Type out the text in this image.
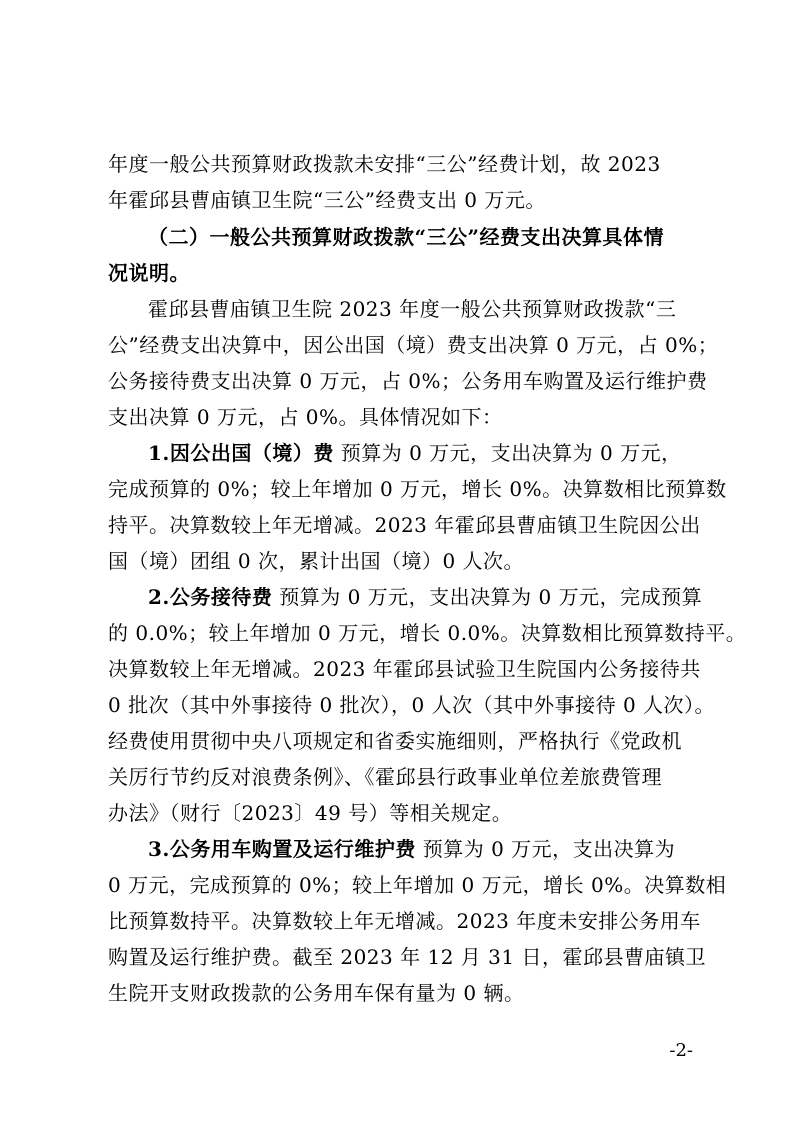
年度一般公共预算财政拨款未安排“三公”经费计划，故 2023
年霍邱县曹庙镇卫生院“三公”经费支出 0 万元。
（二）一般公共预算财政拨款“三公”经费支出决算具体情
况说明。
霍邱县曹庙镇卫生院 2023 年度一般公共预算财政拨款“三
公”经费支出决算中，因公出国（境）费支出决算 0 万元，占 0%；
公务接待费支出决算 0 万元，占 0%；公务用车购置及运行维护费
支出决算 0 万元，占 0%。具体情况如下：
1.因公出国（境）费 预算为 0 万元，支出决算为 0 万元，
完成预算的 0%；较上年增加 0 万元，增长 0%。决算数相比预算数
持平。决算数较上年无增减。2023 年霍邱县曹庙镇卫生院因公出
国（境）团组 0 次，累计出国（境）0 人次。
2.公务接待费 预算为 0 万元，支出决算为 0 万元，完成预算
的 0.0%；较上年增加 0 万元，增长 0.0%。决算数相比预算数持平。
决算数较上年无增减。2023 年霍邱县试验卫生院国内公务接待共
0 批次（其中外事接待 0 批次），0 人次（其中外事接待 0 人次）。
经费使用贯彻中央八项规定和省委实施细则，严格执行《党政机
关厉行节约反对浪费条例》、《霍邱县行政事业单位差旅费管理
办法》（财行〔2023〕49 号）等相关规定。
3.公务用车购置及运行维护费 预算为 0 万元，支出决算为
0 万元，完成预算的 0%；较上年增加 0 万元，增长 0%。决算数相
比预算数持平。决算数较上年无增减。2023 年度未安排公务用车
购置及运行维护费。截至 2023 年 12 月 31 日，霍邱县曹庙镇卫
生院开支财政拨款的公务用车保有量为 0 辆。
-2-
